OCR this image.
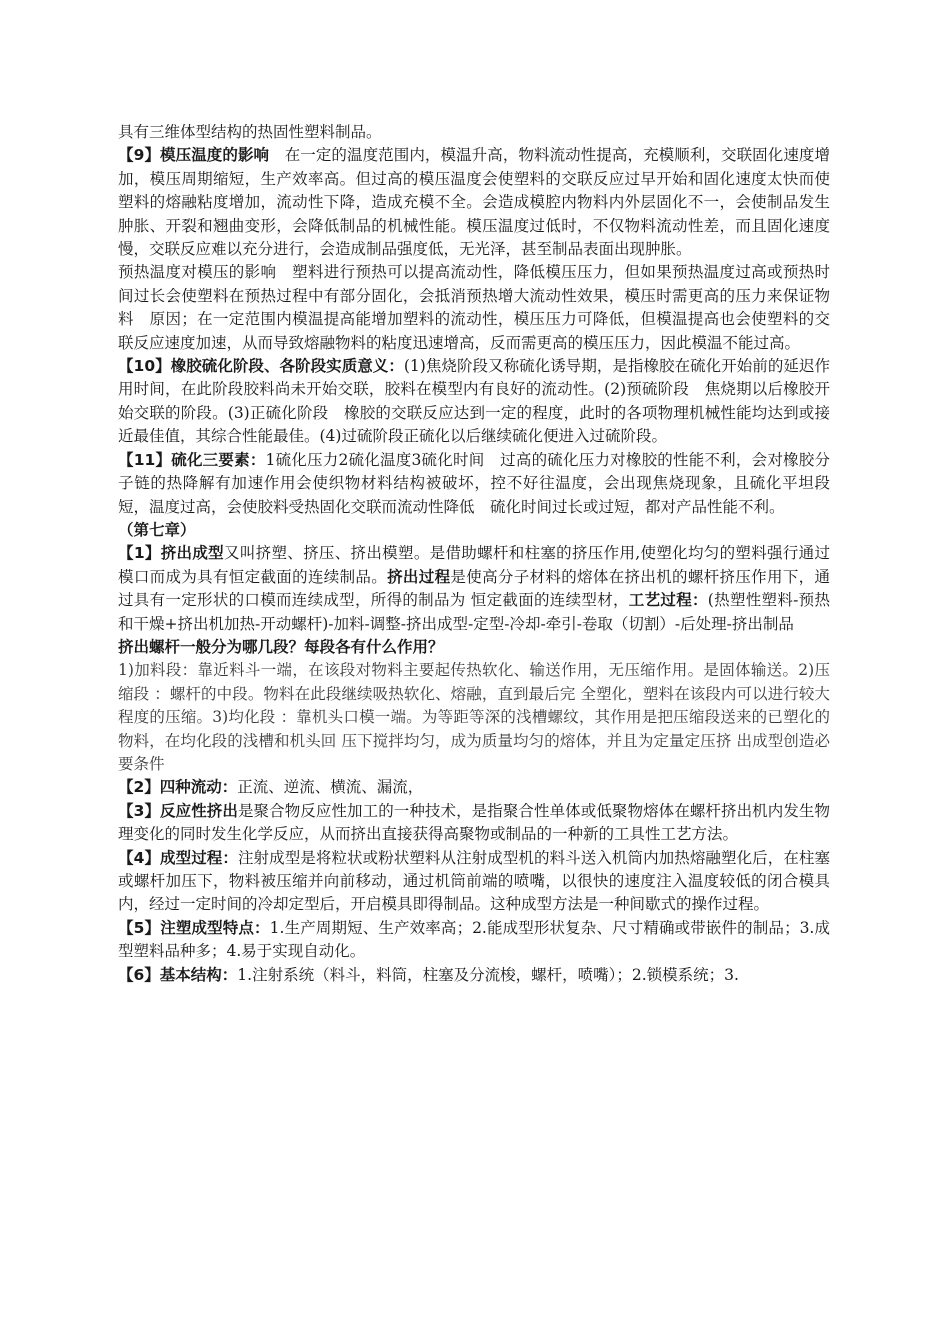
具有三维体型结构的热固性塑料制品。

【9】模压温度的影响　在一定的温度范围内，模温升高，物料流动性提高，充模顺利，交联固化速度增加，模压周期缩短，生产效率高。但过高的模压温度会使塑料的交联反应过早开始和固化速度太快而使塑料的熔融粘度增加，流动性下降，造成充模不全。会造成模腔内物料内外层固化不一，会使制品发生肿胀、开裂和翘曲变形，会降低制品的机械性能。模压温度过低时，不仅物料流动性差，而且固化速度慢，交联反应难以充分进行，会造成制品强度低，无光泽，甚至制品表面出现肿胀。

预热温度对模压的影响　塑料进行预热可以提高流动性，降低模压压力，但如果预热温度过高或预热时间过长会使塑料在预热过程中有部分固化，会抵消预热增大流动性效果，模压时需更高的压力来保证物料　原因；在一定范围内模温提高能增加塑料的流动性，模压压力可降低，但模温提高也会使塑料的交联反应速度加速，从而导致熔融物料的粘度迅速增高，反而需更高的模压压力，因此模温不能过高。

【10】橡胶硫化阶段、各阶段实质意义：(1)焦烧阶段又称硫化诱导期，是指橡胶在硫化开始前的延迟作用时间，在此阶段胶料尚未开始交联，胶料在模型内有良好的流动性。(2)预硫阶段　焦烧期以后橡胶开始交联的阶段。(3)正硫化阶段　橡胶的交联反应达到一定的程度，此时的各项物理机械性能均达到或接近最佳值，其综合性能最佳。(4)过硫阶段正硫化以后继续硫化便进入过硫阶段。

【11】硫化三要素：1硫化压力2硫化温度3硫化时间　过高的硫化压力对橡胶的性能不利，会对橡胶分子链的热降解有加速作用会使织物材料结构被破坏，控不好往温度，会出现焦烧现象，且硫化平坦段短，温度过高，会使胶料受热固化交联而流动性降低　硫化时间过长或过短，都对产品性能不利。

（第七章）

【1】挤出成型又叫挤塑、挤压、挤出模塑。是借助螺杆和柱塞的挤压作用,使塑化均匀的塑料强行通过模口而成为具有恒定截面的连续制品。挤出过程是使高分子材料的熔体在挤出机的螺杆挤压作用下，通过具有一定形状的口模而连续成型，所得的制品为 恒定截面的连续型材，工艺过程：(热塑性塑料-预热和干燥+挤出机加热-开动螺杆)-加料-调整-挤出成型-定型-冷却-牵引-卷取（切割）-后处理-挤出制品

挤出螺杆一般分为哪几段？每段各有什么作用？

1)加料段：靠近料斗一端，在该段对物料主要起传热软化、输送作用，无压缩作用。是固体输送。2)压缩段 ：螺杆的中段。物料在此段继续吸热软化、熔融，直到最后完 全塑化，塑料在该段内可以进行较大程度的压缩。3)均化段 ：靠机头口模一端。为等距等深的浅槽螺纹，其作用是把压缩段送来的已塑化的物料，在均化段的浅槽和机头回 压下搅拌均匀，成为质量均匀的熔体，并且为定量定压挤 出成型创造必要条件

【2】四种流动：正流、逆流、横流、漏流，

【3】反应性挤出是聚合物反应性加工的一种技术，是指聚合性单体或低聚物熔体在螺杆挤出机内发生物理变化的同时发生化学反应，从而挤出直接获得高聚物或制品的一种新的工具性工艺方法。

【4】成型过程：注射成型是将粒状或粉状塑料从注射成型机的料斗送入机筒内加热熔融塑化后，在柱塞或螺杆加压下，物料被压缩并向前移动，通过机筒前端的喷嘴，以很快的速度注入温度较低的闭合模具内，经过一定时间的冷却定型后，开启模具即得制品。这种成型方法是一种间歇式的操作过程。

【5】注塑成型特点：1.生产周期短、生产效率高；2.能成型形状复杂、尺寸精确或带嵌件的制品；3.成型塑料品种多；4.易于实现自动化。

【6】基本结构：1.注射系统（料斗，料筒，柱塞及分流梭，螺杆，喷嘴）；2.锁模系统；3.
